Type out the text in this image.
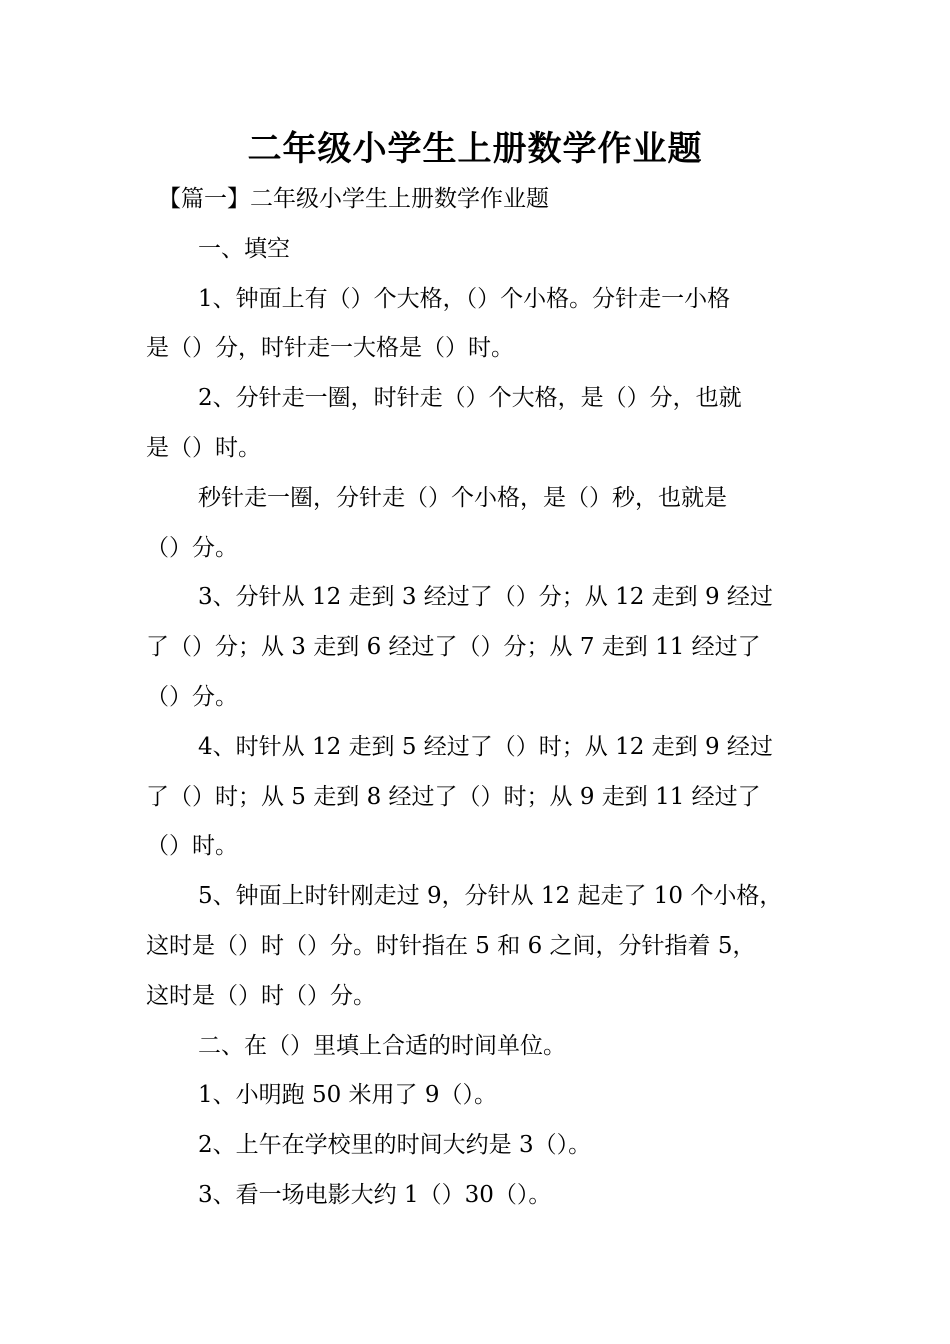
二年级小学生上册数学作业题

【篇一】二年级小学生上册数学作业题

一、填空

1、钟面上有（）个大格，（）个小格。分针走一小格

是（）分，时针走一大格是（）时。

2、分针走一圈，时针走（）个大格，是（）分，也就

是（）时。

秒针走一圈，分针走（）个小格，是（）秒，也就是

（）分。

3、分针从 12 走到 3 经过了（）分；从 12 走到 9 经过

了（）分；从 3 走到 6 经过了（）分；从 7 走到 11 经过了

（）分。

4、时针从 12 走到 5 经过了（）时；从 12 走到 9 经过

了（）时；从 5 走到 8 经过了（）时；从 9 走到 11 经过了

（）时。

5、钟面上时针刚走过 9，分针从 12 起走了 10 个小格，

这时是（）时（）分。时针指在 5 和 6 之间，分针指着 5，

这时是（）时（）分。

二、在（）里填上合适的时间单位。

1、小明跑 50 米用了 9（）。

2、上午在学校里的时间大约是 3（）。

3、看一场电影大约 1（）30（）。
